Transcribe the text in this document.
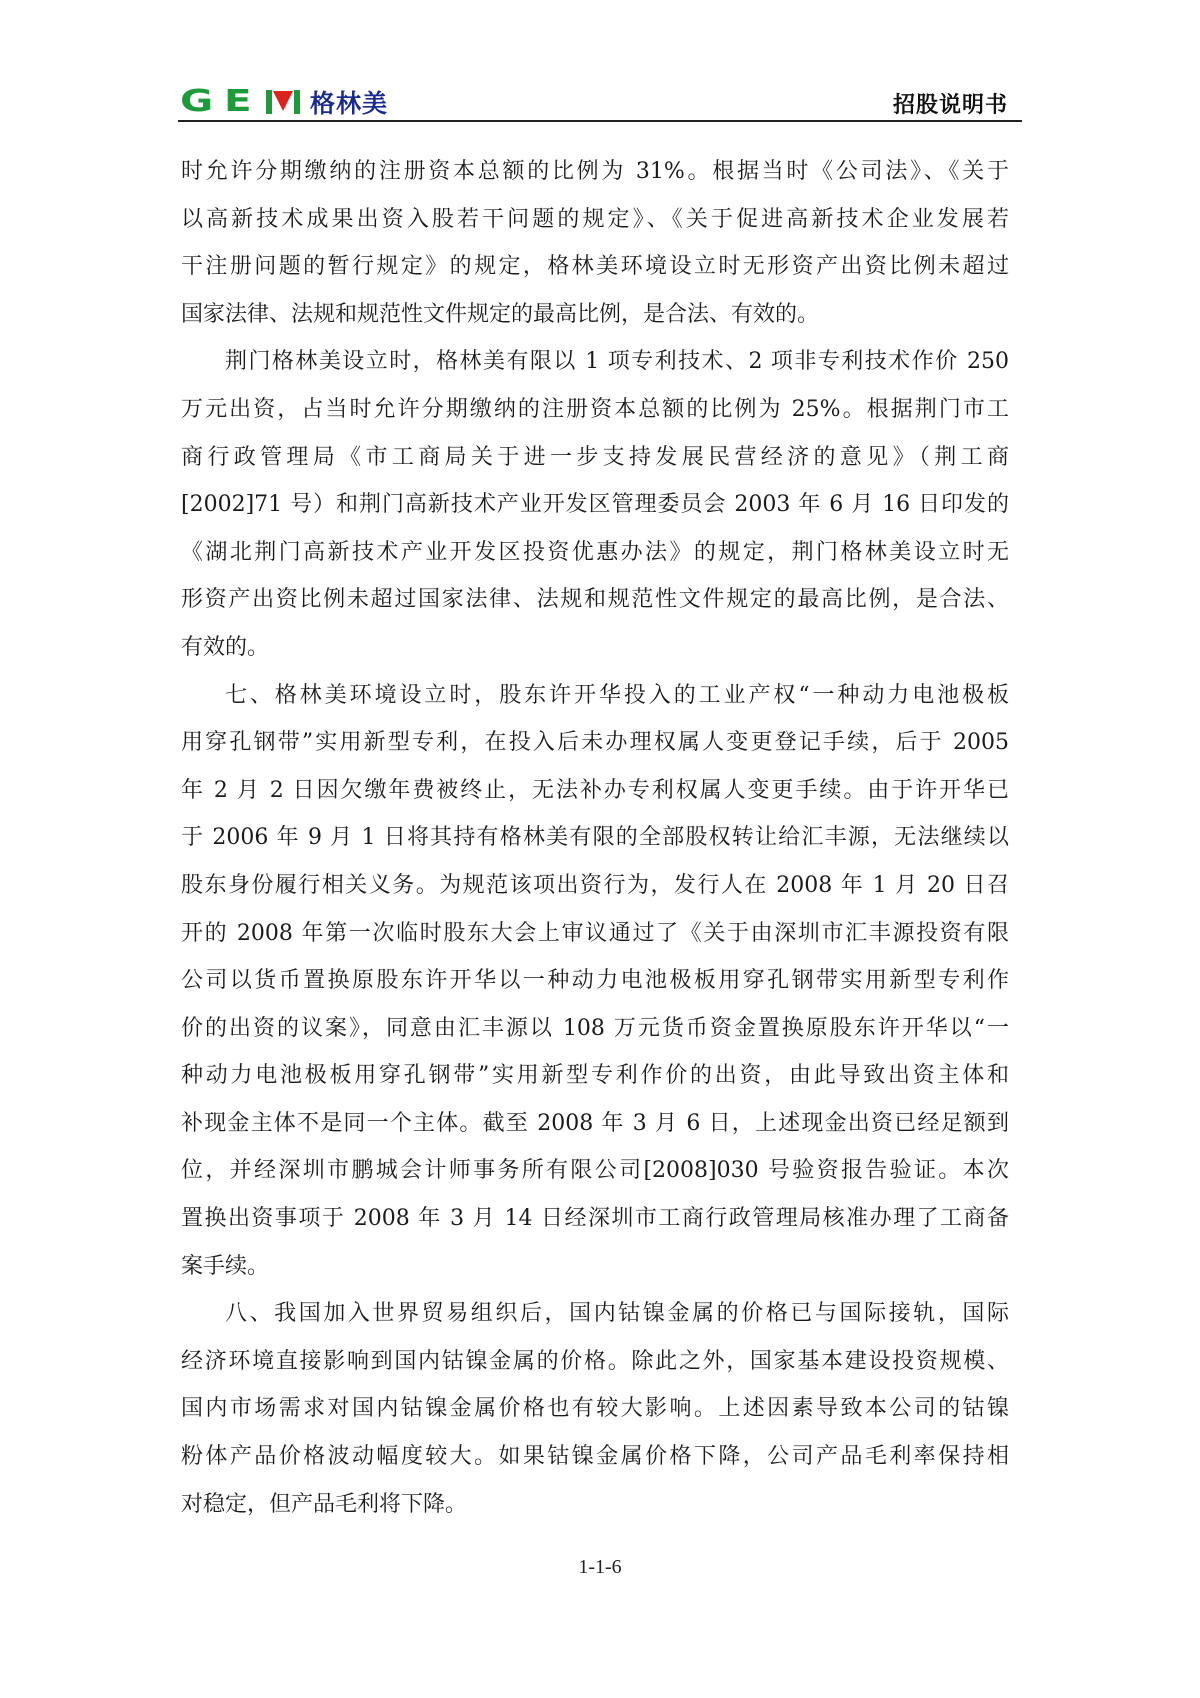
G E	格林美	招股说明书
时允许分期缴纳的注册资本总额的比例为 31%。根据当时《公司法》、《关于
以高新技术成果出资入股若干问题的规定》、《关于促进高新技术企业发展若
干注册问题的暂行规定》的规定，格林美环境设立时无形资产出资比例未超过
国家法律、法规和规范性文件规定的最高比例，是合法、有效的。
荆门格林美设立时，格林美有限以 1 项专利技术、2 项非专利技术作价 250
万元出资，占当时允许分期缴纳的注册资本总额的比例为 25%。根据荆门市工
商行政管理局《市工商局关于进一步支持发展民营经济的意见》（荆工商
[2002]71 号）和荆门高新技术产业开发区管理委员会 2003 年 6 月 16 日印发的
《湖北荆门高新技术产业开发区投资优惠办法》的规定，荆门格林美设立时无
形资产出资比例未超过国家法律、法规和规范性文件规定的最高比例，是合法、
有效的。
七、格林美环境设立时，股东许开华投入的工业产权“一种动力电池极板
用穿孔钢带”实用新型专利，在投入后未办理权属人变更登记手续，后于 2005
年 2 月 2 日因欠缴年费被终止，无法补办专利权属人变更手续。由于许开华已
于 2006 年 9 月 1 日将其持有格林美有限的全部股权转让给汇丰源，无法继续以
股东身份履行相关义务。为规范该项出资行为，发行人在 2008 年 1 月 20 日召
开的 2008 年第一次临时股东大会上审议通过了《关于由深圳市汇丰源投资有限
公司以货币置换原股东许开华以一种动力电池极板用穿孔钢带实用新型专利作
价的出资的议案》，同意由汇丰源以 108 万元货币资金置换原股东许开华以“一
种动力电池极板用穿孔钢带”实用新型专利作价的出资，由此导致出资主体和
补现金主体不是同一个主体。截至 2008 年 3 月 6 日，上述现金出资已经足额到
位，并经深圳市鹏城会计师事务所有限公司[2008]030 号验资报告验证。本次
置换出资事项于 2008 年 3 月 14 日经深圳市工商行政管理局核准办理了工商备
案手续。
八、我国加入世界贸易组织后，国内钴镍金属的价格已与国际接轨，国际
经济环境直接影响到国内钴镍金属的价格。除此之外，国家基本建设投资规模、
国内市场需求对国内钴镍金属价格也有较大影响。上述因素导致本公司的钴镍
粉体产品价格波动幅度较大。如果钴镍金属价格下降，公司产品毛利率保持相
对稳定，但产品毛利将下降。
1-1-6
